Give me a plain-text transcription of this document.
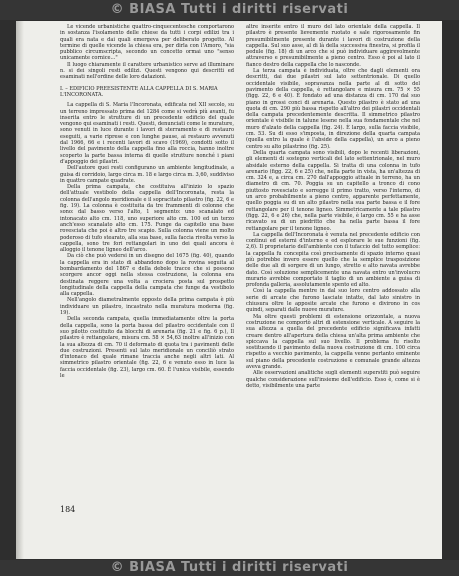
© BIASA Tutti i diritti riservati

Le vicende urbanistiche quattro-cinquecentesche comportarono in sostanza l'isolamento delle chiese da tutti i corpi edilizi tra i quali era nata e dai quali emergeva per deliberato progetto. Al termine di quelle vicende la chiesa era, per dirla con l'Amoro, "sia pubblico circumscripta, secondo un concetto ormai uno "senso unicamente cornice..."

Il luogo chiaramente il carattere urbanistico serve ad illuminare n. si dei singoli resti edilizi. Questi vengono qui descritti ed esaminati nell'ordine delle loro datazioni.

I. – EDIFICIO PREESISTENTE ALLA CAPPELLA DI S. MARIA L'INCORONATA.

La cappella di S. Maria l'Incoronata, edificata nel XII secolo, su un terreno impressato prima del 1284 come si vedrà più avanti, fu inserita entro le strutture di un precedente edificio del quale vengono qui esaminati i resti. Questi, denunciati come le murature, sono venuti in luce durante i lavori di sterramento e di restauro eseguiti, a varie riprese e con lunghe pause, ai restauro avvenuti dal 1966, 66 e i recenti lavori di scavo (1969), condotti sotto il livello del pavimento della cappella fino alla roccia, hanno inoltre scoperto la parte bassa interna di quelle strutture nonché i piani d'appoggio dei pilastri.

Dell'autore quei resti configurano un ambiente lengitudinale, a guisa di corridoio, largo circa m. 18 e largo circa m. 3,60, suddiviso in quattro campate quadrate.

Della prima campata, che costituiva all'inizio lo spazio dell'attuale vestibolo della cappella dell'Incoronata, resta la colonna dell'angolo meridionale e il sopracitato pilastro (fig. 22, 6 e fig. 19). La colonna è costituita da tre frammenti di colonne che sono: dal basso verso l'alto, 1 segmento: uno scanalato ed intonacato alto cm. 118, uno superiore alto cm. 100 ed un terzo anch'esso scanalato alto cm. 175. Funge da capitello una base rovesciata che poi è altro tre scapio. Sulla colonna viene un molto poderoso di tufo stearato, alla sua base, sulla faccia rivolta verso la cappella, sono tre fori rettangolari in uno dei quali ancora è alloggio il tenone ligneo dell'arco.

Da ciò che può vedersi in un disegno del 1675 (fig. 40), quando la cappella era in stato di abbandono dopo la rovina seguita al bombardamento del 1867 e della debole tracce che si possono scorgere ancor oggi nella stessa costruzione, la colonna era destinata reggere una volta a crociera posta sul prospetto longitudinale della cappella della campata che funge da vestibolo alla cappella.

Nell'angolo diametralmente opposto della prima campata è più individuare un pilastro, incastrato nella muratura moderna (fig. 19).

Della seconda campata, quella immediatamente oltre la porta della cappella, sono la porta bassa del pilastro occidentale con il suo pilotto costituito da blocchi di arenaria (fig. 21 e fig. 6 p.), Il pilastro è rettangolare, misura cm. 58 × 54,63 inoltre all'inizio con la sua altezza di cm. 70 il deformato di quota tra i pavimenti delle due costruzioni. Presenti sul lato meridionale un conciliò strato d'intonaco del quale rimane traccia anche negli altri lati. Al simmetrico pilastro orientale (fig. 22, 6 e venuto esso in luce la faccia occidentale (fig. 23), largo cm. 60. È l'unica visibile, essendo le

altre inserite entro il muro del lato orientale della cappella. Il pilastro è presente lievemente ruotato e sale rigorosamente fin presumibilmente presente durante i lavori di costruzione della cappella. Sul suo asse, al di là della successiva finestra, si profila il pedule (fig. 18) di un arco che si può individuare aggirevolmente attraverso e presumibilmente a pieno centro. Esso è poi al lato il fianco destro della cappella che lo nasconde.

La terza campata è individuata, oltre che dagli elementi ora descritti, dai due pilastri sul lato settentrionale. Di quello occidentale visibile, sopravanza nella parte al di sotto del pavimento della cappella, è rettangolare e misura cm. 75 × 55 (figg. 22, 6 e 40). È fondato ad una distanza di cm. 170 dal suo piano in grossi conci di arenaria. Questo pilastro è stato ad una quota di cm. 290 più bassa rispetto all'altro dei pilastri occidentali della campata precedentemente descritta. Il simmetrico pilastro orientale è visibile in talune lesene nella sua fondamentale che nel muro d'alzato della cappella (fig. 24). È largo, sulla faccia visibile, cm. 53. Su di esso s'imposta, in direzione della quarta campata (quella entro la quale è l'abside della cappella), un arco a pieno centro su alto pilastrino (fig. 25).

Della quarta campata sono visibili, dopo le recenti liberazioni, gli elementi di sostegno verticali del lato settentrionale, nel muro absidale esterno della cappella. Si tratta di una colonna in tufo arenario (figg. 22, 6 e 25) che, nella parte in vista, ha un'altezza di cm. 324 e, a circa cm. 270 dall'appoggio attuale in terreno, ha un diametro di cm. 70. Poggia su un capitello a tronco di cono piuttosto rovesciato e sorregge il primo tratto, verso l'interno, di un arco probabilmente a pieno centro, apparente perfettamente, quello poggia su di un alto pilastro nella sua parte bassa e il fore rettangolare per il tenone ligneo. Simmetricamente a tale pilastro (figg. 22, 6 e 26) che, nella parte visibile, è largo cm. 55 e ha asse ricavato su di un piedritto che ha nella parte bassa il fore rettangolare per il tenone ligneo.

La cappella dell'Incoronata è venuta nel precedente edificio con continui ed esterni d'interno e ed esplorare le sue funzioni (fig. 2,6). Il proprietario dell'ambiente con il tufaccio del tutto semplice: la cappella fu concepita così precisamente di spazio interno quasi più potrebbe invero essere quello che la semplice trasposizione delle due ali di sorgere di un lungo, stretto e alto navata avrebbe dato. Così soluzione semplicemente una navata entro un'involucro murario avrebbe comportato il taglio di un ambiente a guisa di profonda galleria, assolutamente spento ed alto.

Così la cappella mentre in dal suo loro centro addossato alla serie di arcate che furono lasciate intatte, dal lato sinistro in chiusura oltre le apposite arcate che furono e divirono in cos quindi, separati dalle nuove murature.

Ma oltre questi problemi di estensione orizzontale, a nuova costruzione ne comportò altri di estensione verticale. A seguire la sua altezza a quella del precedente edificio significava infatti creare dentro all'apertura della chiesa un'alta prima ambiente che spiccava la cappella sul suo livello. Il problema fu risolto sostituendo il pavimento della nuova costruzione di cm. 100 circa rispetto a vecchio pavimento, la cappella venne pertanto eminente sul piano della precedente costruzione e comunale grande altezza aveva grande.

Alle osservazioni analitiche sugli elementi superstiti può seguire qualche considerazione sull'insieme dell'edificio. Esso è, come si è detto, visibilmente una parte

184
© BIASA Tutti i diritti riservati
